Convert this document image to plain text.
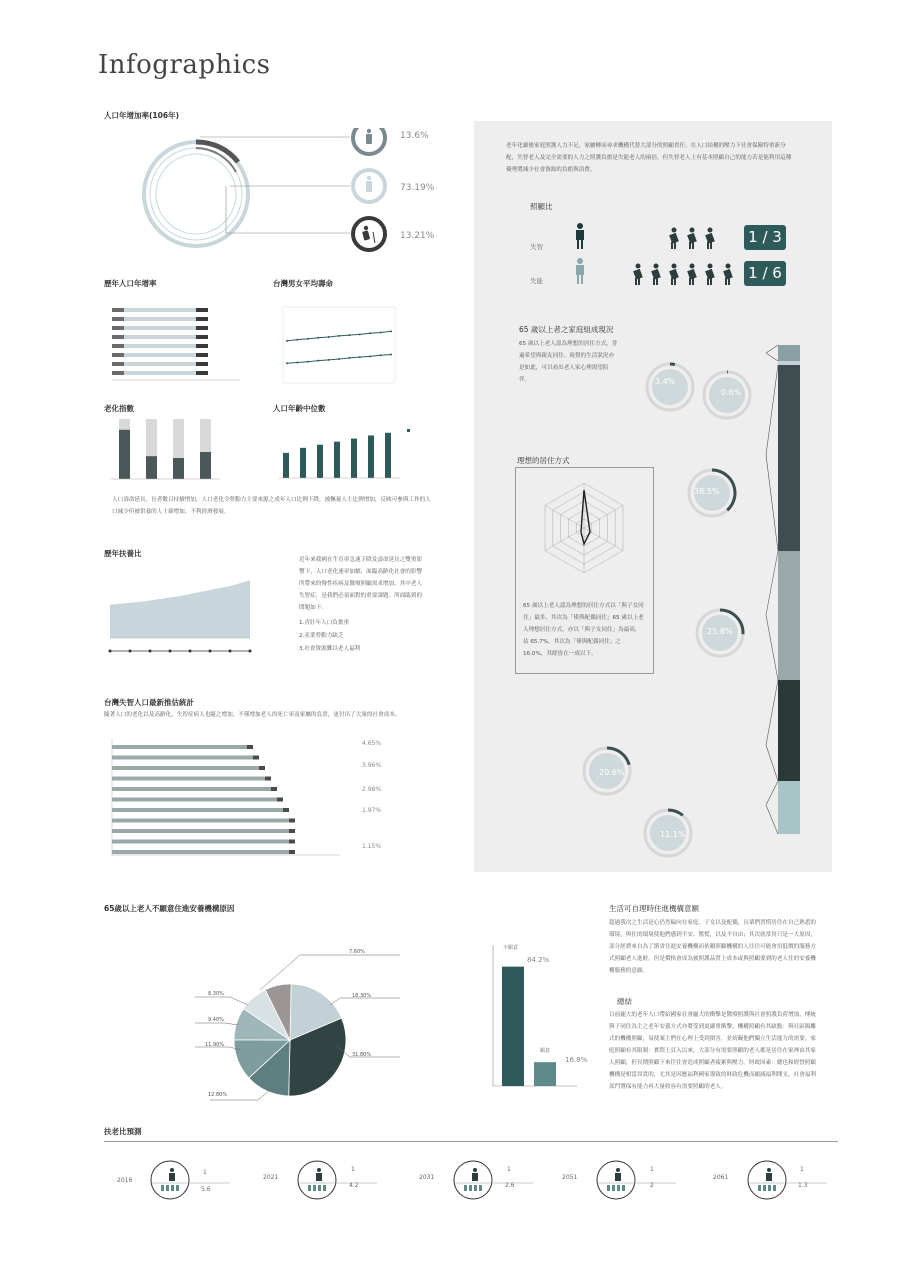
Infographics
人口年增加率(106年)
13.6%
73.19%
13.21%
歷年人口年增率	台灣男女平均壽命
老化指數	人口年齡中位數
人口壽命延長，長者數目持續增加，人口老化令勞動力主要來源之成年人口比例下降，被撫養人士比例增加，反映可參與工作的人口減少但被供養的人士卻增加，不利經濟發展。
歷年扶養比
近年來我國在生育率急速下降及壽命延長之雙重影響下，人口老化速率加劇，面臨高齡化社會的影響所帶來的慢性疾病及醫療照顧需求增加，其中老人失智症，是我們必須面對的重要課題。所面臨到的問題如下：
1.青壯年人口負擔重
2.產業勞動力缺乏
3.社會資源難以老人福利
台灣失智人口最新推估統計
隨著人口的老化以及高齡化，失智症病人也隨之增加，不僅增加老人的死亡率及家屬的負責，更付出了大量的社會成本。
4.65%
3.96%
2.98%
1.97%
1.15%
老年化嚴後家庭照護人力不足，家屬轉而尋求機構代替大部分的照顧責任。在人口結構的壓力下社會保險特重新分配，失智老人及完全需要的人力之照護負擔是失能老人的兩倍，但失智老人上有基本照顧自己的能力若是能利用這種優勢將減少社會資源的負擔與浪費。
照顧比
失智
失能
1 / 3
1 / 6
65 歲以上者之家庭組成現況
65 歲以上老人認為理想的居住方式，普遍希望與親友同住。視覺的生活狀況亦是如此，可以看出老人家心理渴望陪伴。	3.4%
0.6%
38.5%
25.8%
20.6%
11.1%
理想的居住方式
65 歲以上老人認為理想的居住方式以「與子女同住」最多，其次為「僅與配偶同住」65 歲以上老人理想居住方式，亦以「與子女同住」為最高，佔 65.7%，其次為「僅與配偶同住」之 16.0%，其餘皆在一成以下。
65歲以上老人不願意住進安養機構原因
7.60%
8.30%
9.40%
11.90%
12.80%
18.30%
31.80%
生活可自理時住進機構意願
不願意
84.2%
願意
16.8%
超過我次之生活是心仍然偏向在家庭、子女以及配偶，長輩們習慣居住在自己熟悉的環境，與住的環境使他們感到不安、驚慌，以及不自由；其次就常用只是一大原因，部分經費來自為了節省住進安養機構而依賴照顧機構的人往往可能會用低價的服務方式照顧老人進駐，但是價格會成為被照護品質上成本或與照顧要到的老人住的安養機構服務的意願。
總結
目前龐大的老年人口帶給國家社會龐大的衝擊是醫療照護與社會照護負荷增加，傳統與子同住為主之老年安養方式亦將受到更嚴重衝擊，機構照顧有其缺點：與社區隔離式的機構照顧，易使案主們在心理上受到損害，並妨礙他們獨立生活能力的需要。家庭照顧有其限制：實際上頁入以來，大部分有需要照顧的老人都是居住在家裡由其家人照顧，但長期照顧下來往往會造成照顧者疲累與壓力。財政因素：總也和經營照顧機構是相當昂貴的，尤其是因應福利國家導致的財政危機而縮減福利開支，社會福利部門將保有能力再大量收容有需要照顧的老人。
扶老比預測
2016
1
5.6
2021
1
4.2
2031
1
2.6
2051
1
2
2061
1
1.3
